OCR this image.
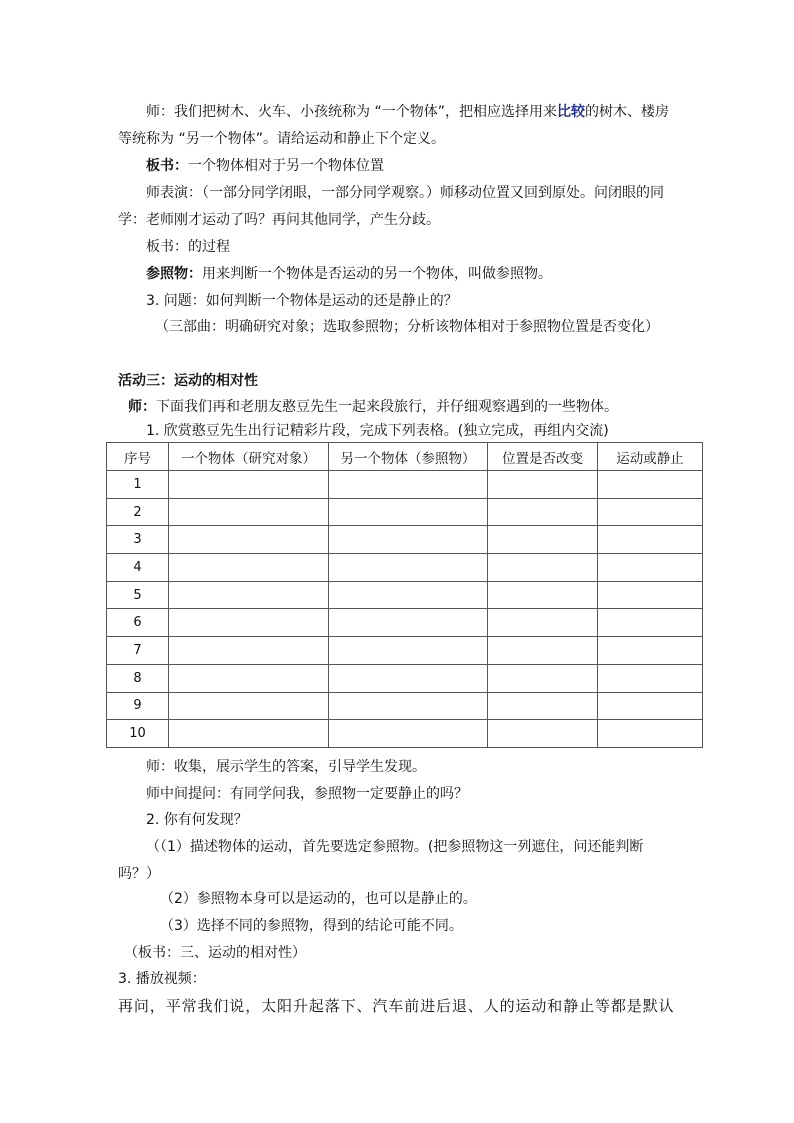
师：我们把树木、火车、小孩统称为 “一个物体”，把相应选择用来比较的树木、楼房
等统称为 “另一个物体”。请给运动和静止下个定义。
板书：一个物体相对于另一个物体位置
师表演：（一部分同学闭眼，一部分同学观察。）师移动位置又回到原处。问闭眼的同
学：老师刚才运动了吗？再问其他同学，产生分歧。
板书：的过程
参照物：用来判断一个物体是否运动的另一个物体，叫做参照物。
3. 问题：如何判断一个物体是运动的还是静止的？
（三部曲：明确研究对象；选取参照物；分析该物体相对于参照物位置是否变化）
活动三：运动的相对性
师：下面我们再和老朋友憨豆先生一起来段旅行，并仔细观察遇到的一些物体。
1. 欣赏憨豆先生出行记精彩片段，完成下列表格。(独立完成，再组内交流)
序号	一个物体（研究对象）	另一个物体（参照物）	位置是否改变	运动或静止
1				
2				
3				
4				
5				
6				
7				
8				
9				
10				
师：收集，展示学生的答案，引导学生发现。
师中间提问：有同学问我，参照物一定要静止的吗？
2. 你有何发现？
（（1）描述物体的运动，首先要选定参照物。(把参照物这一列遮住，问还能判断
吗？）
（2）参照物本身可以是运动的，也可以是静止的。
（3）选择不同的参照物，得到的结论可能不同。
（板书：三、运动的相对性）
3. 播放视频：
再问，平常我们说，太阳升起落下、汽车前进后退、人的运动和静止等都是默认
